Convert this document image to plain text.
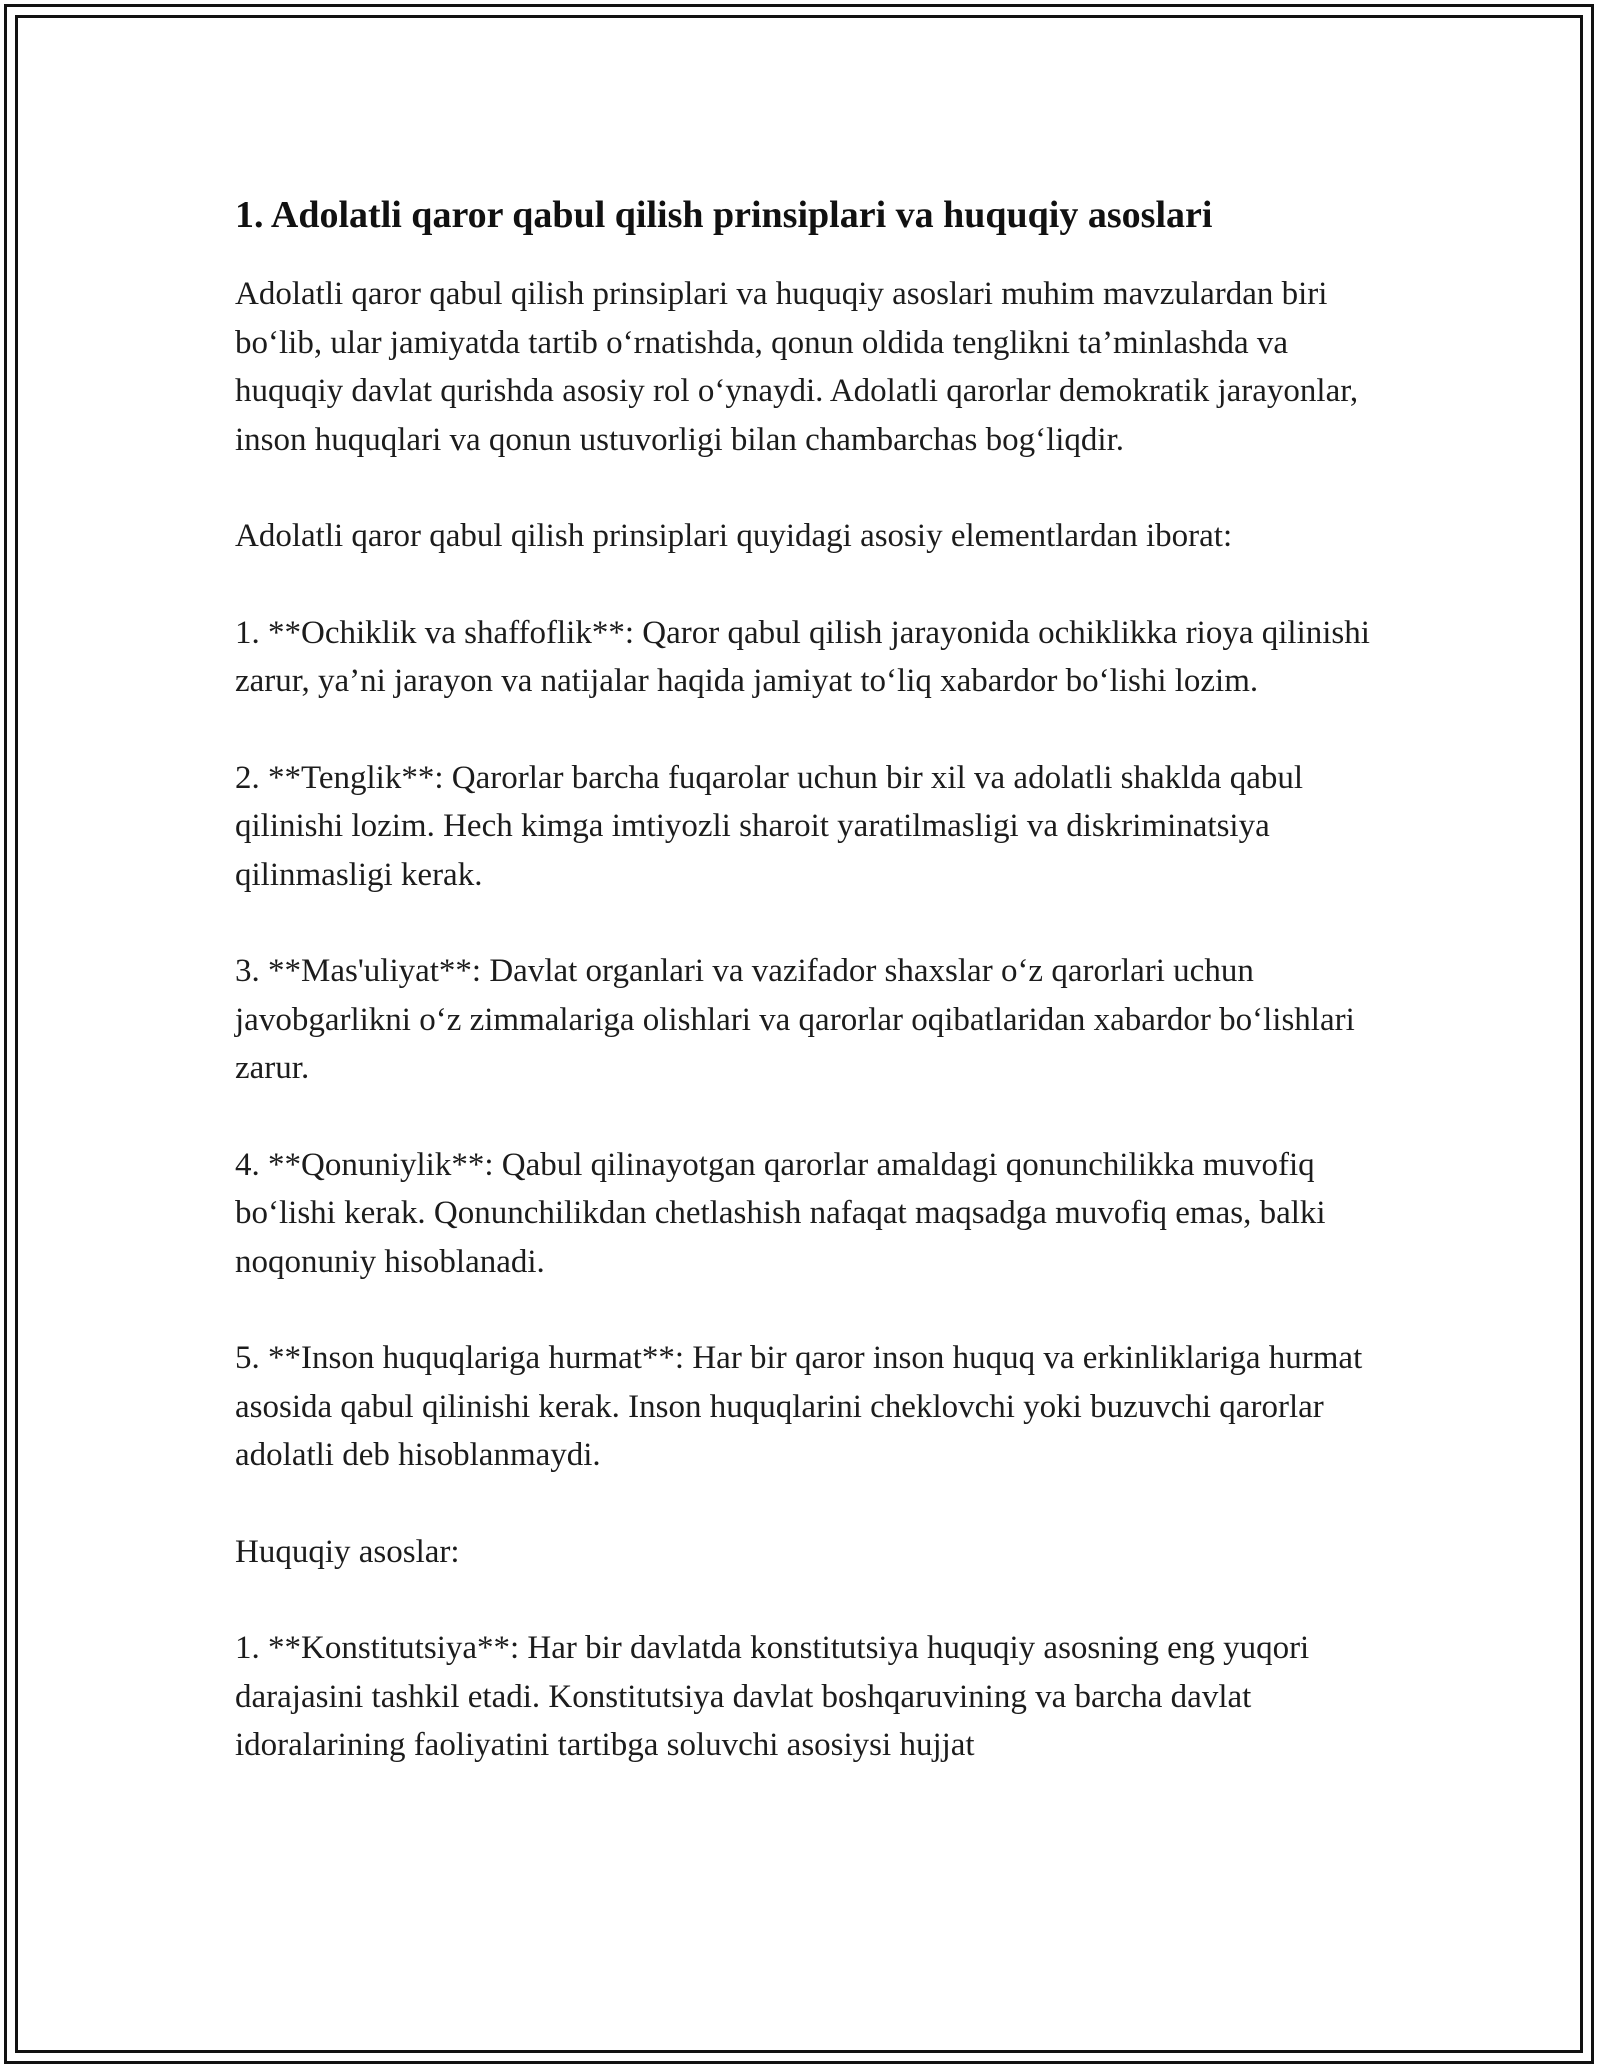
1. Adolatli qaror qabul qilish prinsiplari va huquqiy asoslari

Adolatli qaror qabul qilish prinsiplari va huquqiy asoslari muhim mavzulardan biri bo‘lib, ular jamiyatda tartib o‘rnatishda, qonun oldida tenglikni ta’minlashda va huquqiy davlat qurishda asosiy rol o‘ynaydi. Adolatli qarorlar demokratik jarayonlar, inson huquqlari va qonun ustuvorligi bilan chambarchas bog‘liqdir.

Adolatli qaror qabul qilish prinsiplari quyidagi asosiy elementlardan iborat:

1. **Ochiklik va shaffoflik**: Qaror qabul qilish jarayonida ochiklikka rioya qilinishi zarur, ya’ni jarayon va natijalar haqida jamiyat to‘liq xabardor bo‘lishi lozim.

2. **Tenglik**: Qarorlar barcha fuqarolar uchun bir xil va adolatli shaklda qabul qilinishi lozim. Hech kimga imtiyozli sharoit yaratilmasligi va diskriminatsiya qilinmasligi kerak.

3. **Mas'uliyat**: Davlat organlari va vazifador shaxslar o‘z qarorlari uchun javobgarlikni o‘z zimmalariga olishlari va qarorlar oqibatlaridan xabardor bo‘lishlari zarur.

4. **Qonuniylik**: Qabul qilinayotgan qarorlar amaldagi qonunchilikka muvofiq bo‘lishi kerak. Qonunchilikdan chetlashish nafaqat maqsadga muvofiq emas, balki noqonuniy hisoblanadi.

5. **Inson huquqlariga hurmat**: Har bir qaror inson huquq va erkinliklariga hurmat asosida qabul qilinishi kerak. Inson huquqlarini cheklovchi yoki buzuvchi qarorlar adolatli deb hisoblanmaydi.

Huquqiy asoslar:

1. **Konstitutsiya**: Har bir davlatda konstitutsiya huquqiy asosning eng yuqori darajasini tashkil etadi. Konstitutsiya davlat boshqaruvining va barcha davlat idoralarining faoliyatini tartibga soluvchi asosiysi hujjat
